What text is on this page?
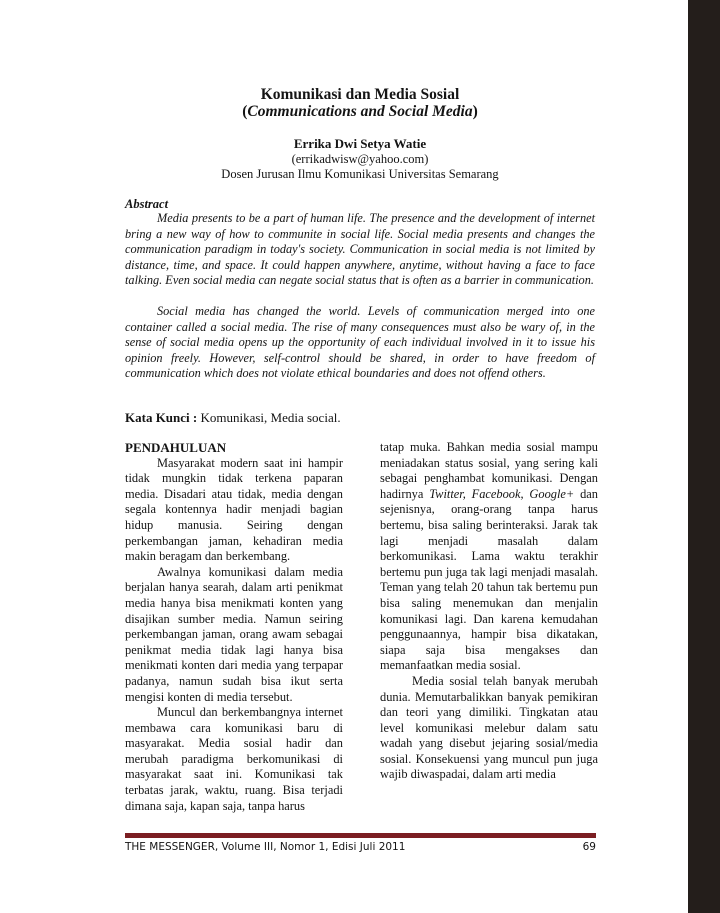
Komunikasi dan Media Sosial
(Communications and Social Media)
Errika Dwi Setya Watie
(errikadwisw@yahoo.com)
Dosen Jurusan Ilmu Komunikasi Universitas Semarang
Abstract
Media presents to be a part of human life. The presence and the development of internet bring a new way of how to communite in social life. Social media presents and changes the communication paradigm in today's society. Communication in social media is not limited by distance, time, and space. It could happen anywhere, anytime, without having a face to face talking. Even social media can negate social status that is often as a barrier in communication.
Social media has changed the world. Levels of communication merged into one container called a social media. The rise of many consequences must also be wary of, in the sense of social media opens up the opportunity of each individual involved in it to issue his opinion freely. However, self-control should be shared, in order to have freedom of communication which does not violate ethical boundaries and does not offend others.
Kata Kunci : Komunikasi, Media social.
PENDAHULUAN

Masyarakat modern saat ini hampir tidak mungkin tidak terkena paparan media. Disadari atau tidak, media dengan segala kontennya hadir menjadi bagian hidup manusia. Seiring dengan perkembangan jaman, kehadiran media makin beragam dan berkembang.

Awalnya komunikasi dalam media berjalan hanya searah, dalam arti penikmat media hanya bisa menikmati konten yang disajikan sumber media. Namun seiring perkembangan jaman, orang awam sebagai penikmat media tidak lagi hanya bisa menikmati konten dari media yang terpapar padanya, namun sudah bisa ikut serta mengisi konten di media tersebut.

Muncul dan berkembangnya internet membawa cara komunikasi baru di masyarakat. Media sosial hadir dan merubah paradigma berkomunikasi di masyarakat saat ini. Komunikasi tak terbatas jarak, waktu, ruang. Bisa terjadi dimana saja, kapan saja, tanpa harus

tatap muka. Bahkan media sosial mampu meniadakan status sosial, yang sering kali sebagai penghambat komunikasi. Dengan hadirnya Twitter, Facebook, Google+ dan sejenisnya, orang-orang tanpa harus bertemu, bisa saling berinteraksi. Jarak tak lagi menjadi masalah dalam berkomunikasi. Lama waktu terakhir bertemu pun juga tak lagi menjadi masalah. Teman yang telah 20 tahun tak bertemu pun bisa saling menemukan dan menjalin komunikasi lagi. Dan karena kemudahan penggunaannya, hampir bisa dikatakan, siapa saja bisa mengakses dan memanfaatkan media sosial.

Media sosial telah banyak merubah dunia. Memutarbalikkan banyak pemikiran dan teori yang dimiliki. Tingkatan atau level komunikasi melebur dalam satu wadah yang disebut jejaring sosial/media sosial. Konsekuensi yang muncul pun juga wajib diwaspadai, dalam arti media

THE MESSENGER, Volume III, Nomor 1, Edisi Juli 2011	69
